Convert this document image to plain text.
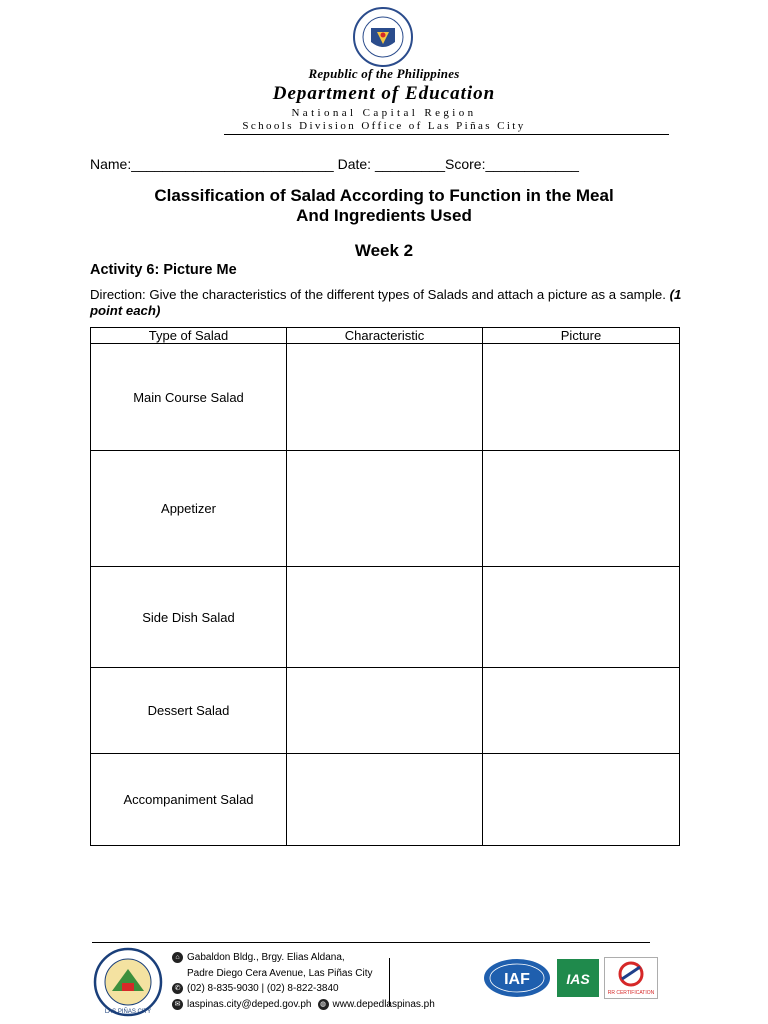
Republic of the Philippines
Department of Education
National Capital Region
Schools Division Office of Las Piñas City
Name:__________________________ Date: _________Score:____________
Classification of Salad According to Function in the Meal
And Ingredients Used
Week 2
Activity 6: Picture Me
Direction: Give the characteristics of the different types of Salads and attach a picture as a sample. (1 point each)
Type of Salad	Characteristic	Picture
Main Course Salad		
Appetizer		
Side Dish Salad		
Dessert Salad		
Accompaniment Salad		
LAS PIÑAS CITY
⌂ Gabaldon Bldg., Brgy. Elias Aldana,
Padre Diego Cera Avenue, Las Piñas City
✆ (02) 8-835-9030 | (02) 8-822-3840
✉ laspinas.city@deped.gov.ph	◍ www.depedlaspinas.ph
IAF	IAS
RR CERTIFICATION
